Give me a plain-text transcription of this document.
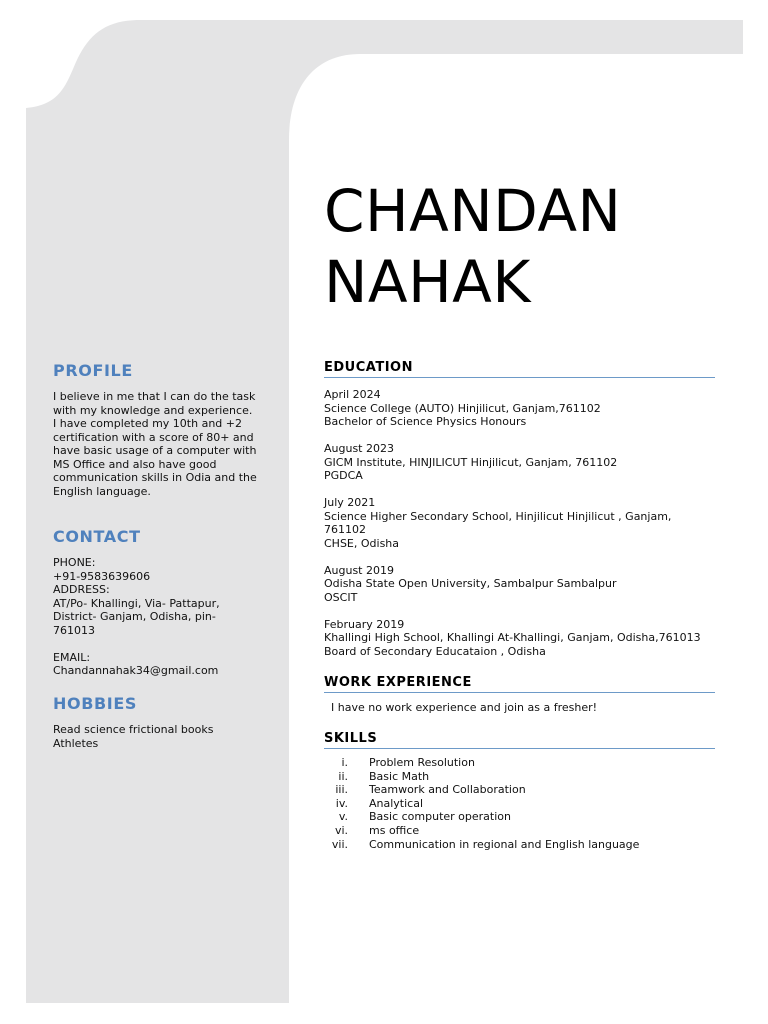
CHANDAN
NAHAK
PROFILE
I believe in me that I can do the task
with my knowledge and experience.
I have completed my 10th and +2
certification with a score of 80+ and
have basic usage of a computer with
MS Office and also have good
communication skills in Odia and the
English language.
CONTACT
PHONE:
+91-9583639606
ADDRESS:
AT/Po- Khallingi, Via- Pattapur,
District- Ganjam, Odisha, pin-
761013
EMAIL:
Chandannahak34@gmail.com
HOBBIES
Read science frictional books
Athletes
EDUCATION
April 2024
Science College (AUTO) Hinjilicut, Ganjam,761102
Bachelor of Science Physics Honours
August 2023
GICM Institute, HINJILICUT Hinjilicut, Ganjam, 761102
PGDCA
July 2021
Science Higher Secondary School, Hinjilicut Hinjilicut , Ganjam,
761102
CHSE, Odisha
August 2019
Odisha State Open University, Sambalpur Sambalpur
OSCIT
February 2019
Khallingi High School, Khallingi At-Khallingi, Ganjam, Odisha,761013
Board of Secondary Educataion , Odisha
WORK EXPERIENCE
I have no work experience and join as a fresher!
SKILLS
i. Problem Resolution
ii. Basic Math
iii. Teamwork and Collaboration
iv. Analytical
v. Basic computer operation
vi. ms office
vii. Communication in regional and English language
